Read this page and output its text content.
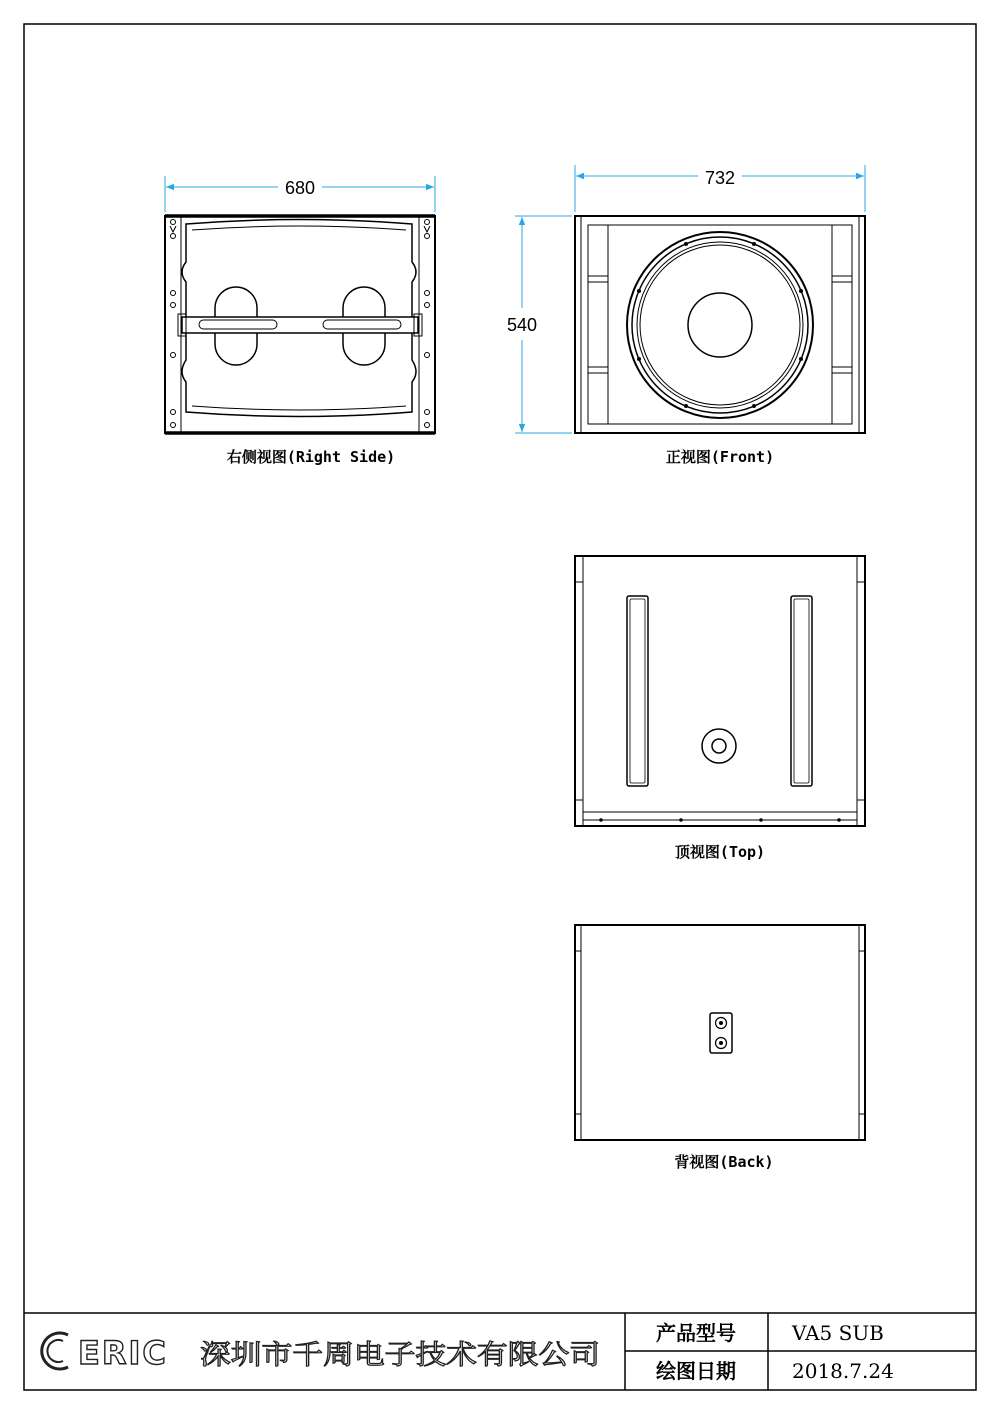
680
右侧视图(Right Side)
732
540
正视图(Front)
顶视图(Top)
背视图(Back)
ERIC 深圳市千周电子技术有限公司
产品型号	VA5 SUB
绘图日期	2018.7.24
